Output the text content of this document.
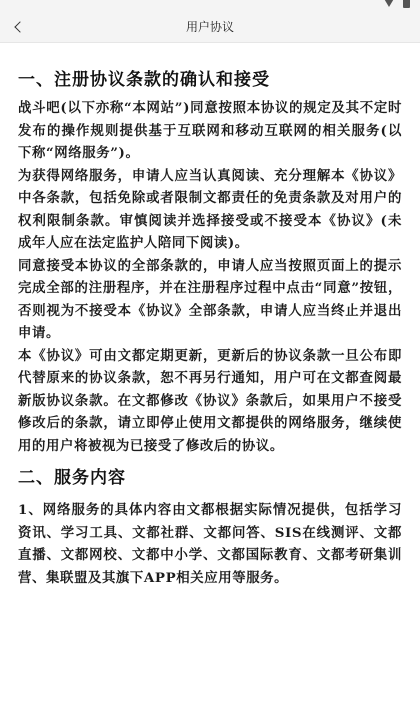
用户协议
一、注册协议条款的确认和接受

战斗吧(以下亦称“本网站”)同意按照本协议的规定及其不定时发布的操作规则提供基于互联网和移动互联网的相关服务(以下称“网络服务”)。

为获得网络服务，申请人应当认真阅读、充分理解本《协议》中各条款，包括免除或者限制文都责任的免责条款及对用户的权利限制条款。审慎阅读并选择接受或不接受本《协议》(未成年人应在法定监护人陪同下阅读)。

同意接受本协议的全部条款的，申请人应当按照页面上的提示完成全部的注册程序，并在注册程序过程中点击“同意”按钮，否则视为不接受本《协议》全部条款，申请人应当终止并退出申请。

本《协议》可由文都定期更新，更新后的协议条款一旦公布即代替原来的协议条款，恕不再另行通知，用户可在文都查阅最新版协议条款。在文都修改《协议》条款后，如果用户不接受修改后的条款，请立即停止使用文都提供的网络服务，继续使用的用户将被视为已接受了修改后的协议。

二、服务内容

1、网络服务的具体内容由文都根据实际情况提供，包括学习资讯、学习工具、文都社群、文都问答、SIS在线测评、文都直播、文都网校、文都中小学、文都国际教育、文都考研集训营、集联盟及其旗下APP相关应用等服务。
